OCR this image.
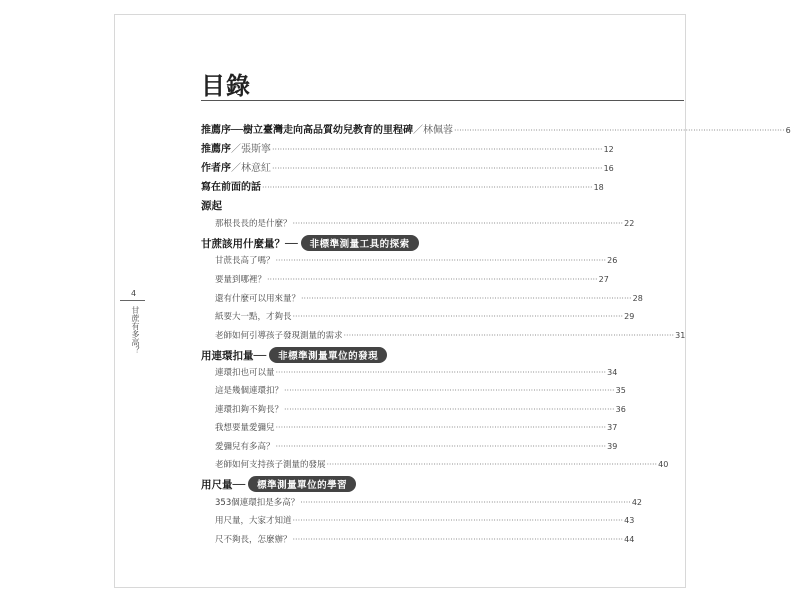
目錄
4
甘蔗有多高？
推薦序──樹立臺灣走向高品質幼兒教育的里程碑 ／林佩蓉 ·································································································································· 6
推薦序 ／張斯寧 ·································································································································· 12
作者序 ／林意紅 ·································································································································· 16
寫在前面的話 ·································································································································· 18
源起
那根長長的是什麼？ ·································································································································· 22
甘蔗該用什麼量？──	非標準測量工具的探索
甘蔗長高了嗎？ ·································································································································· 26
要量到哪裡？ ·································································································································· 27
還有什麼可以用來量？ ·································································································································· 28
紙要大一點，才夠長 ·································································································································· 29
老師如何引導孩子發現測量的需求 ·································································································································· 31
用連環扣量──	非標準測量單位的發現
連環扣也可以量 ·································································································································· 34
這是幾個連環扣？ ·································································································································· 35
連環扣夠不夠長？ ·································································································································· 36
我想要量愛彌兒 ·································································································································· 37
愛彌兒有多高？ ·································································································································· 39
老師如何支持孩子測量的發展 ·································································································································· 40
用尺量──	標準測量單位的學習
353個連環扣是多高？ ·································································································································· 42
用尺量，大家才知道 ·································································································································· 43
尺不夠長，怎麼辦？ ·································································································································· 44
